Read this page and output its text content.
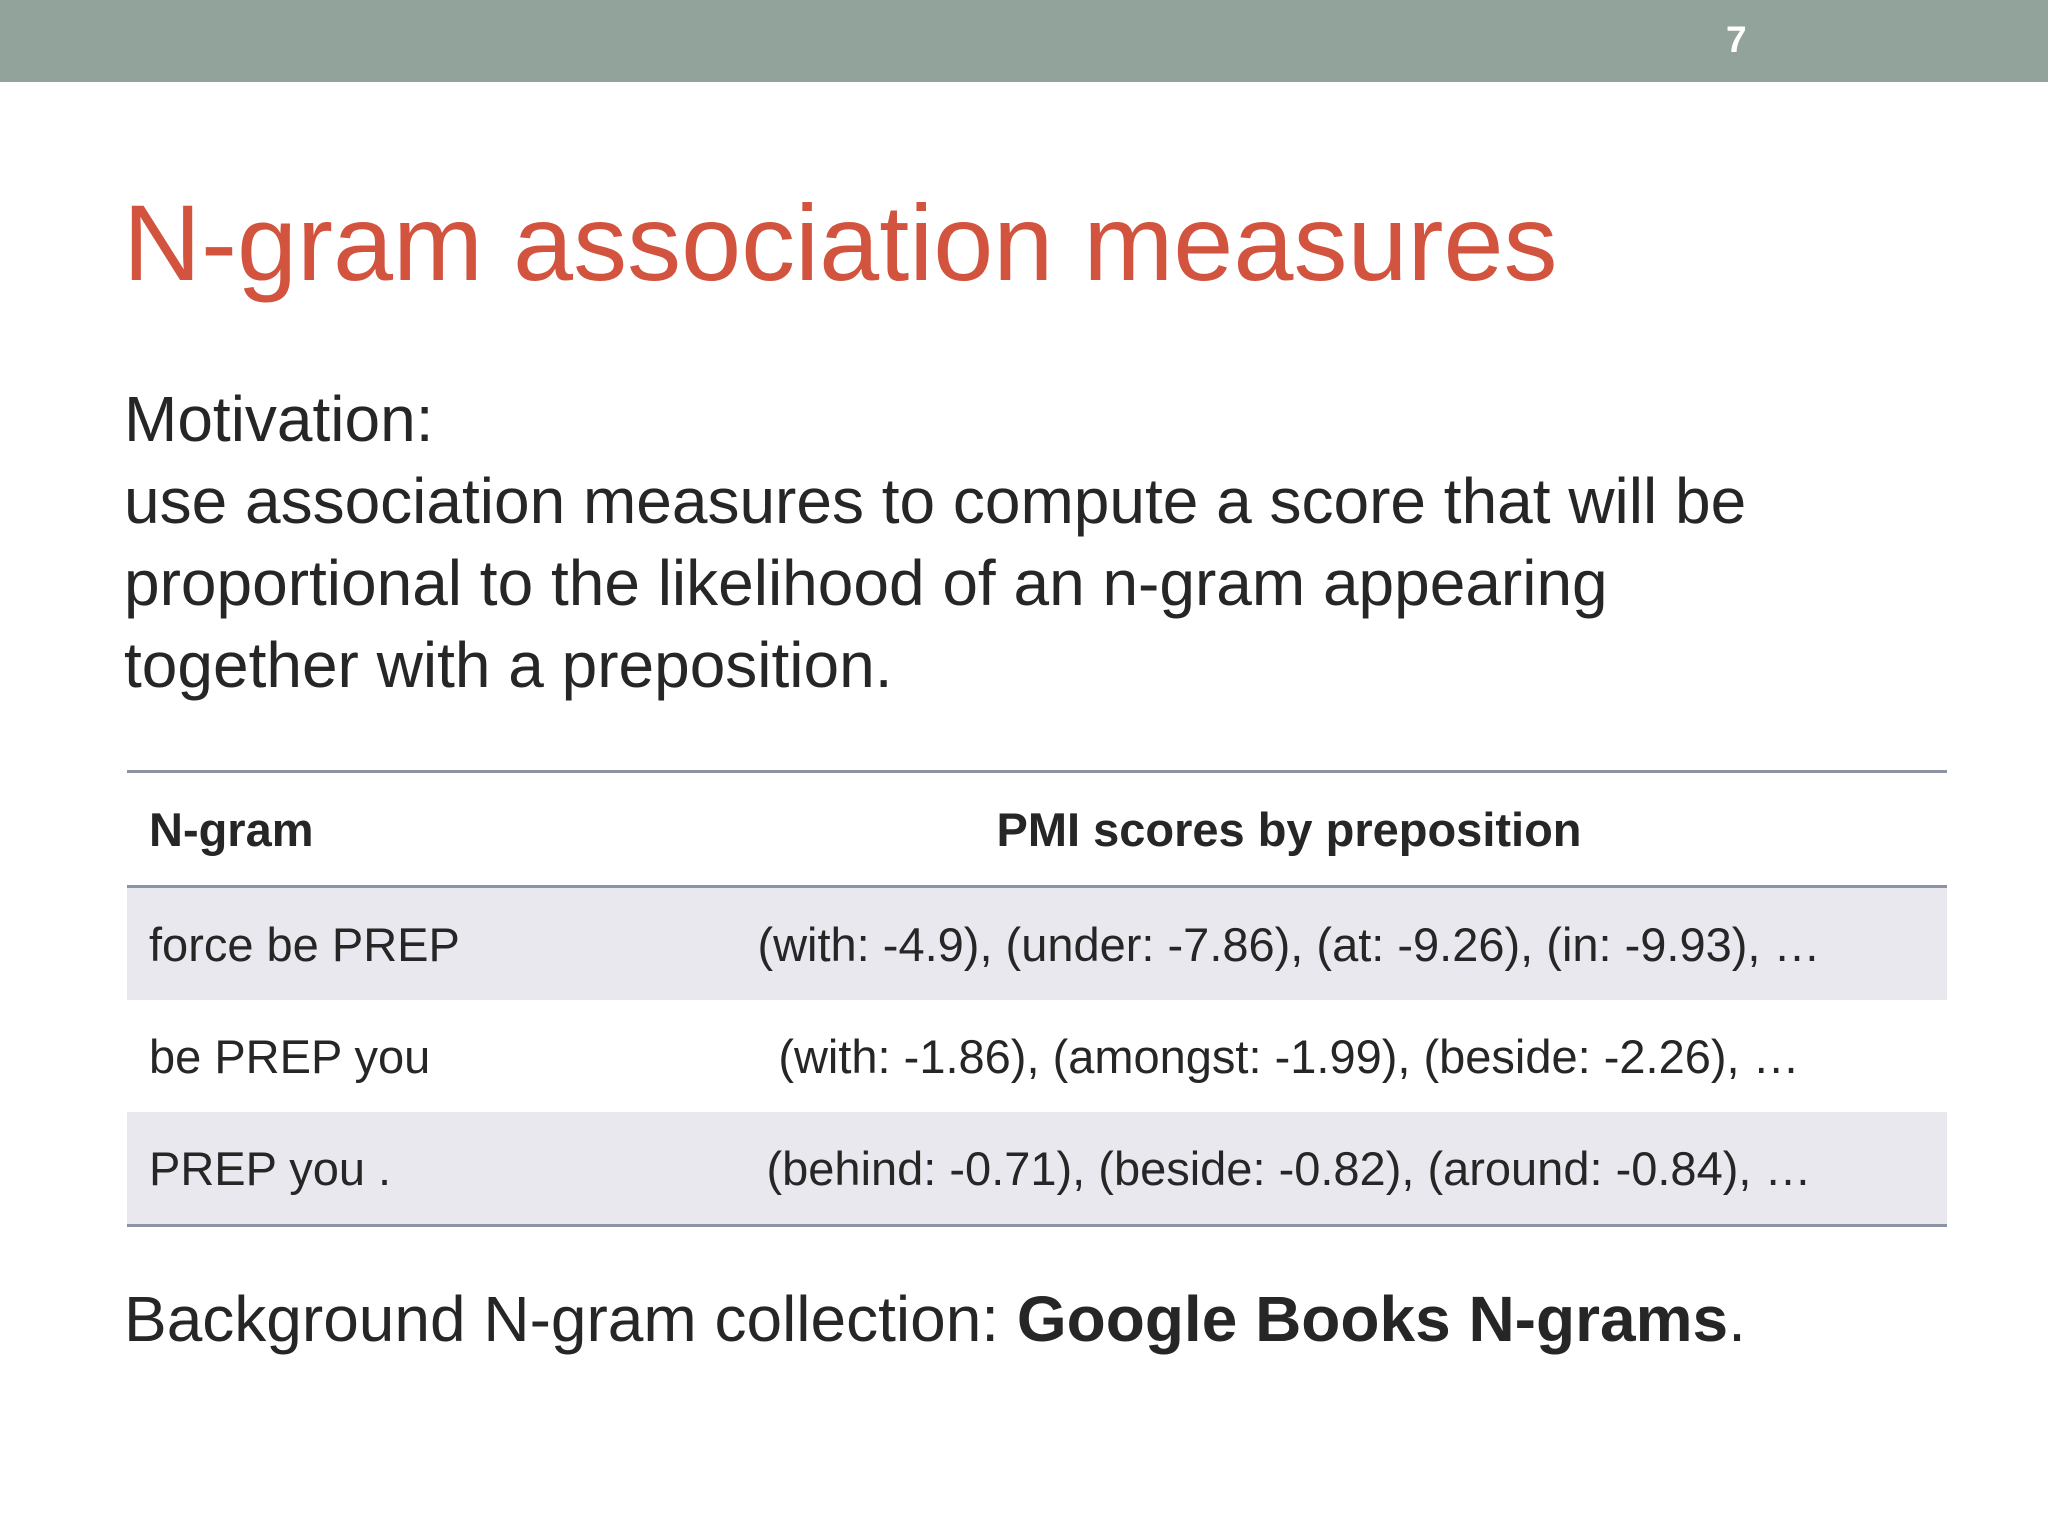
7
N-gram association measures
Motivation:
use association measures to compute a score that will be
proportional to the likelihood of an n-gram appearing
together with a preposition.
N-gram	PMI scores by preposition
force be PREP	(with: -4.9), (under: -7.86), (at: -9.26), (in: -9.93), …
be PREP you	(with: -1.86), (amongst: -1.99), (beside: -2.26), …
PREP you .	(behind: -0.71), (beside: -0.82), (around: -0.84), …
Background N-gram collection: Google Books N-grams.
